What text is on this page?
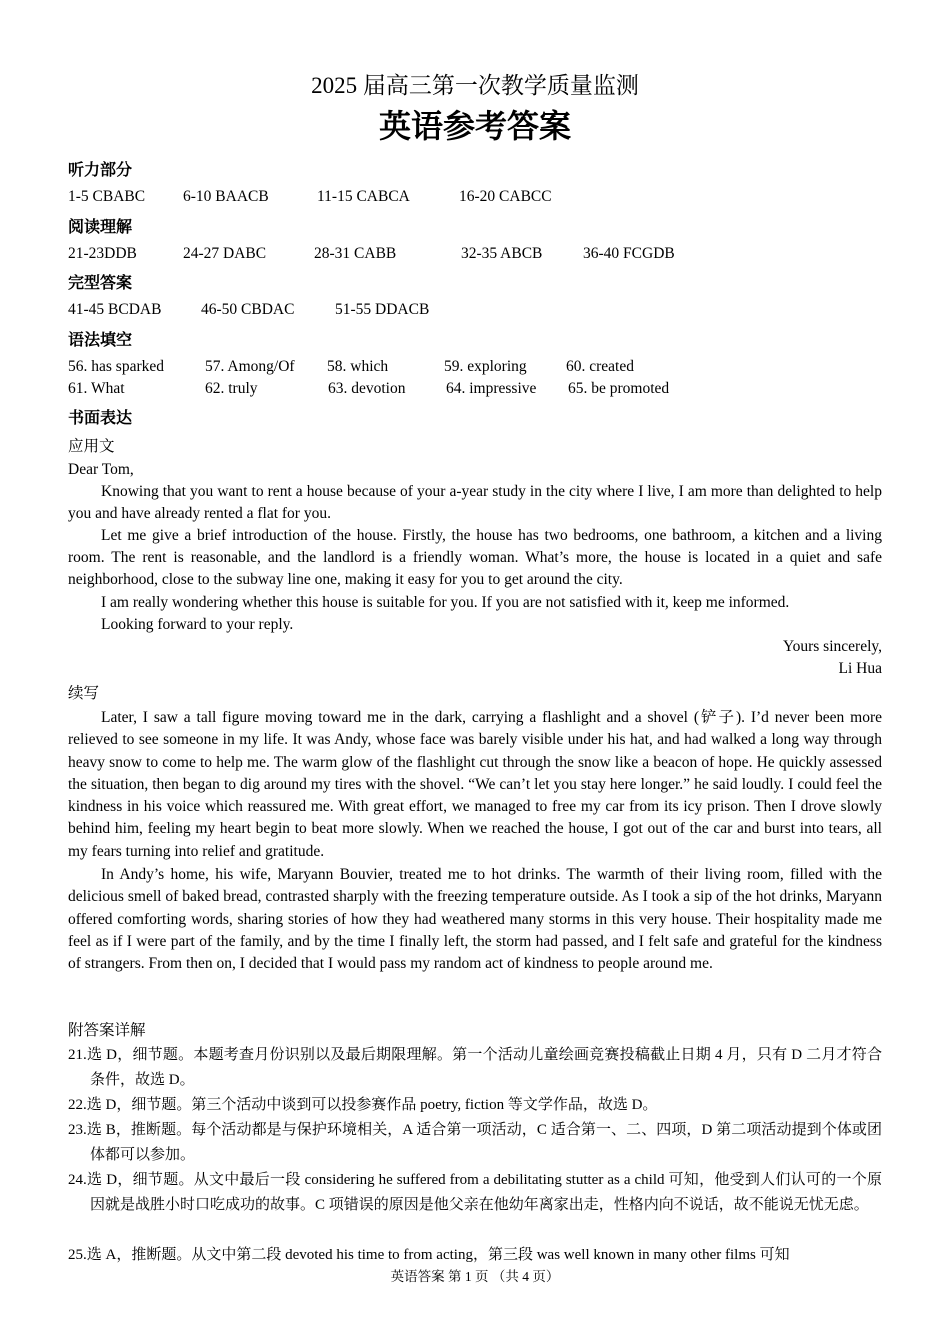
2025 届高三第一次教学质量监测
英语参考答案
听力部分
1-5 CBABC 6-10 BAACB	11-15 CABCA	16-20 CABCC
阅读理解
21-23DDB	24-27 DABC	28-31 CABB	32-35 ABCB	36-40 FCGDB
完型答案
41-45 BCDAB	46-50 CBDAC	51-55 DDACB
语法填空
56. has sparked	57. Among/Of 58. which	59. exploring	60. created
61. What	62. truly	63. devotion	64. impressive 65. be promoted
书面表达
应用文
Dear Tom,

Knowing that you want to rent a house because of your a-year study in the city where I live, I am more than delighted to help you and have already rented a flat for you.

Let me give a brief introduction of the house. Firstly, the house has two bedrooms, one bathroom, a kitchen and a living room. The rent is reasonable, and the landlord is a friendly woman. What’s more, the house is located in a quiet and safe neighborhood, close to the subway line one, making it easy for you to get around the city.

I am really wondering whether this house is suitable for you. If you are not satisfied with it, keep me informed.

Looking forward to your reply.

Yours sincerely,
Li Hua
续写

Later, I saw a tall figure moving toward me in the dark, carrying a flashlight and a shovel (铲子). I’d never been more relieved to see someone in my life. It was Andy, whose face was barely visible under his hat, and had walked a long way through heavy snow to come to help me. The warm glow of the flashlight cut through the snow like a beacon of hope. He quickly assessed the situation, then began to dig around my tires with the shovel. “We can’t let you stay here longer.” he said loudly. I could feel the kindness in his voice which reassured me. With great effort, we managed to free my car from its icy prison. Then I drove slowly behind him, feeling my heart begin to beat more slowly. When we reached the house, I got out of the car and burst into tears, all my fears turning into relief and gratitude.

In Andy’s home, his wife, Maryann Bouvier, treated me to hot drinks. The warmth of their living room, filled with the delicious smell of baked bread, contrasted sharply with the freezing temperature outside. As I took a sip of the hot drinks, Maryann offered comforting words, sharing stories of how they had weathered many storms in this very house. Their hospitality made me feel as if I were part of the family, and by the time I finally left, the storm had passed, and I felt safe and grateful for the kindness of strangers. From then on, I decided that I would pass my random act of kindness to people around me.

附答案详解
21.选 D，细节题。本题考查月份识别以及最后期限理解。第一个活动儿童绘画竞赛投稿截止日期 4 月，只有 D 二月才符合条件，故选 D。
22.选 D，细节题。第三个活动中谈到可以投参赛作品 poetry, fiction 等文学作品，故选 D。
23.选 B，推断题。每个活动都是与保护环境相关，A 适合第一项活动，C 适合第一、二、四项，D 第二项活动提到个体或团体都可以参加。
24.选 D，细节题。从文中最后一段 considering he suffered from a debilitating stutter as a child 可知，他受到人们认可的一个原因就是战胜小时口吃成功的故事。C 项错误的原因是他父亲在他幼年离家出走，性格内向不说话，故不能说无忧无虑。
25.选 A，推断题。从文中第二段 devoted his time to from acting，第三段 was well known in many other films 可知
英语答案 第 1 页 （共 4 页）
